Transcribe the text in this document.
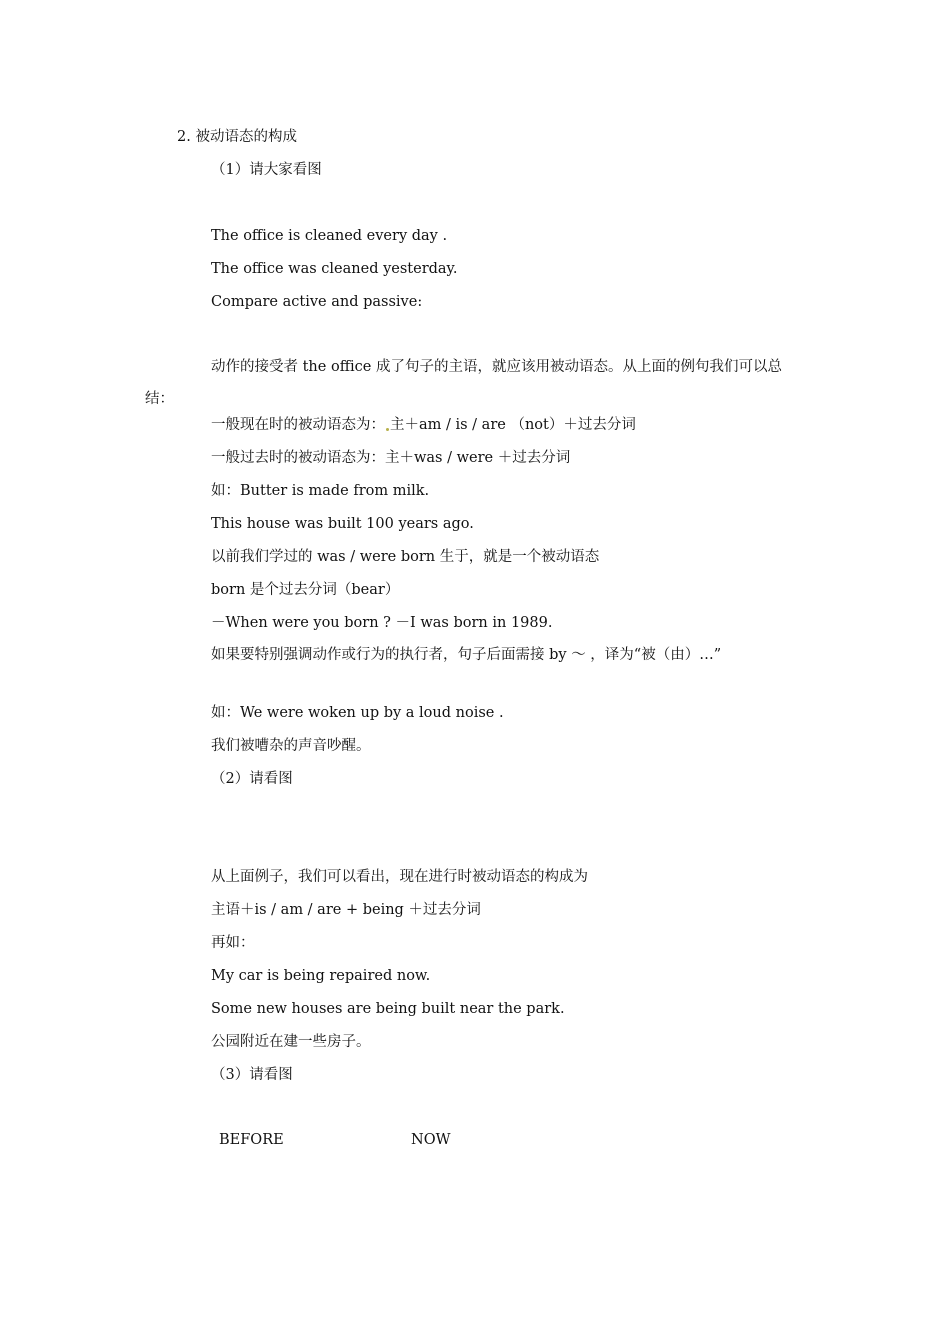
2. 被动语态的构成
（1）请大家看图
The office is cleaned every day .
The office was cleaned yesterday.
Compare active and passive:
动作的接受者 the office 成了句子的主语，就应该用被动语态。从上面的例句我们可以总结：
一般现在时的被动语态为： 主＋am / is / are （not）＋过去分词
一般过去时的被动语态为：主＋was / were ＋过去分词
如：Butter is made from milk.
This house was built 100 years ago.
以前我们学过的 was / were born 生于，就是一个被动语态
born 是个过去分词（bear）
－When were you born ? －I was born in 1989.
如果要特别强调动作或行为的执行者，句子后面需接 by ～ ，译为“被（由）…”
如：We were woken up by a loud noise .
我们被嘈杂的声音吵醒。
（2）请看图
从上面例子，我们可以看出，现在进行时被动语态的构成为
主语＋is / am / are + being ＋过去分词
再如：
My car is being repaired now.
Some new houses are being built near the park.
公园附近在建一些房子。
（3）请看图
BEFORE	NOW
